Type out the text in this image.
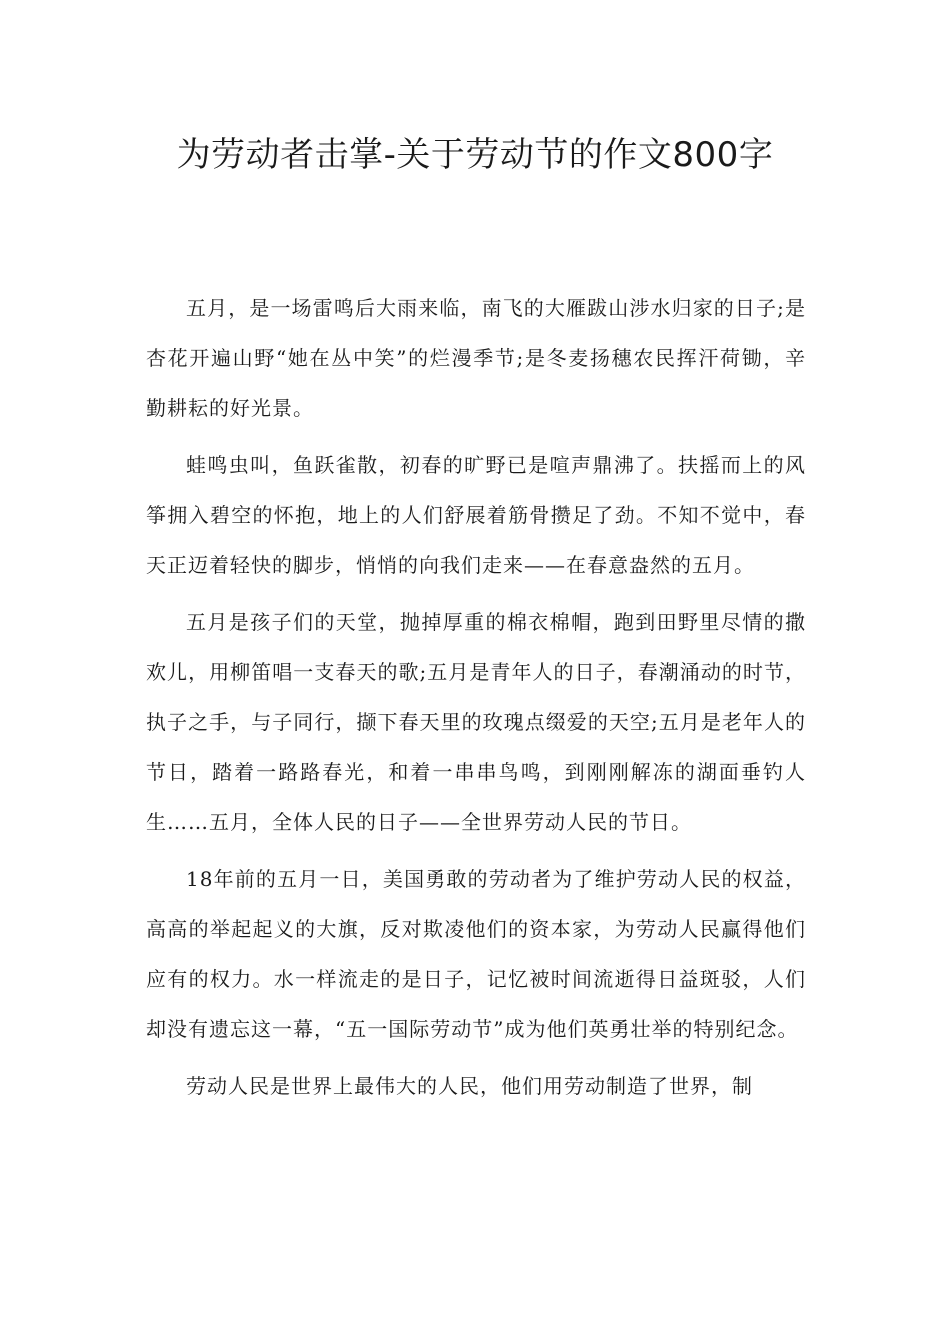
为劳动者击掌-关于劳动节的作文800字

五月，是一场雷鸣后大雨来临，南飞的大雁跋山涉水归家的日子;是杏花开遍山野“她在丛中笑”的烂漫季节;是冬麦扬穗农民挥汗荷锄，辛勤耕耘的好光景。

蛙鸣虫叫，鱼跃雀散，初春的旷野已是喧声鼎沸了。扶摇而上的风筝拥入碧空的怀抱，地上的人们舒展着筋骨攒足了劲。不知不觉中，春天正迈着轻快的脚步，悄悄的向我们走来——在春意盎然的五月。

五月是孩子们的天堂，抛掉厚重的棉衣棉帽，跑到田野里尽情的撒欢儿，用柳笛唱一支春天的歌;五月是青年人的日子，春潮涌动的时节，执子之手，与子同行，撷下春天里的玫瑰点缀爱的天空;五月是老年人的节日，踏着一路路春光，和着一串串鸟鸣，到刚刚解冻的湖面垂钓人生……五月，全体人民的日子——全世界劳动人民的节日。

18年前的五月一日，美国勇敢的劳动者为了维护劳动人民的权益，高高的举起起义的大旗，反对欺凌他们的资本家，为劳动人民赢得他们应有的权力。水一样流走的是日子，记忆被时间流逝得日益斑驳，人们却没有遗忘这一幕，“五一国际劳动节”成为他们英勇壮举的特别纪念。

劳动人民是世界上最伟大的人民，他们用劳动制造了世界，制
